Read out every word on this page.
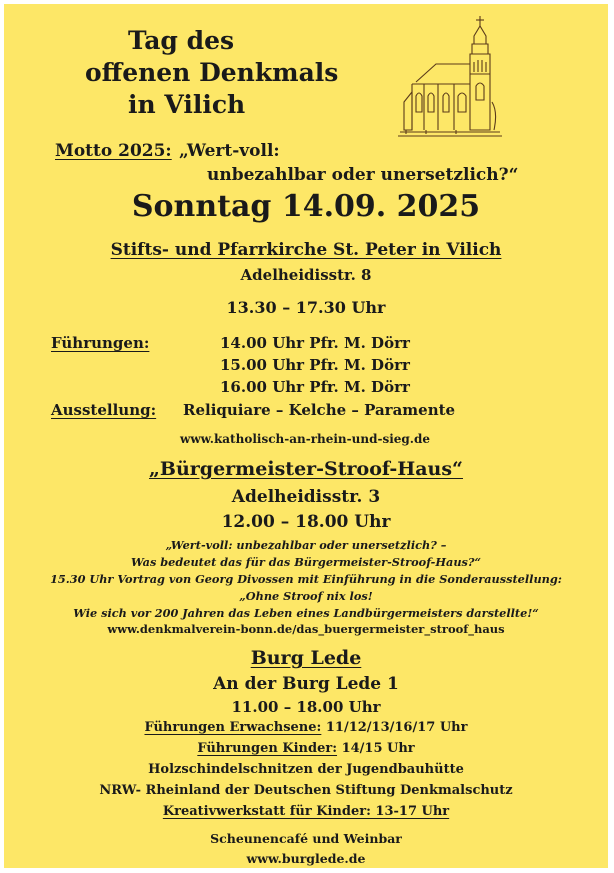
Tag des
offenen Denkmals
in Vilich
Motto 2025: „Wert-voll:
unbezahlbar oder unersetzlich?“
Sonntag 14.09. 2025
Stifts- und Pfarrkirche St. Peter in Vilich
Adelheidisstr. 8
13.30 – 17.30 Uhr
Führungen:	14.00 Uhr Pfr. M. Dörr
15.00 Uhr Pfr. M. Dörr
16.00 Uhr Pfr. M. Dörr
Ausstellung: Reliquiare – Kelche – Paramente
www.katholisch-an-rhein-und-sieg.de
„Bürgermeister-Stroof-Haus“
Adelheidisstr. 3
12.00 – 18.00 Uhr
„Wert-voll: unbezahlbar oder unersetzlich? –
Was bedeutet das für das Bürgermeister-Stroof-Haus?“
15.30 Uhr Vortrag von Georg Divossen mit Einführung in die Sonderausstellung:
„Ohne Stroof nix los!
Wie sich vor 200 Jahren das Leben eines Landbürgermeisters darstellte!“
www.denkmalverein-bonn.de/das_buergermeister_stroof_haus
Burg Lede
An der Burg Lede 1
11.00 – 18.00 Uhr
Führungen Erwachsene: 11/12/13/16/17 Uhr
Führungen Kinder: 14/15 Uhr
Holzschindelschnitzen der Jugendbauhütte
NRW- Rheinland der Deutschen Stiftung Denkmalschutz
Kreativwerkstatt für Kinder: 13-17 Uhr
Scheunencafé und Weinbar
www.burglede.de
